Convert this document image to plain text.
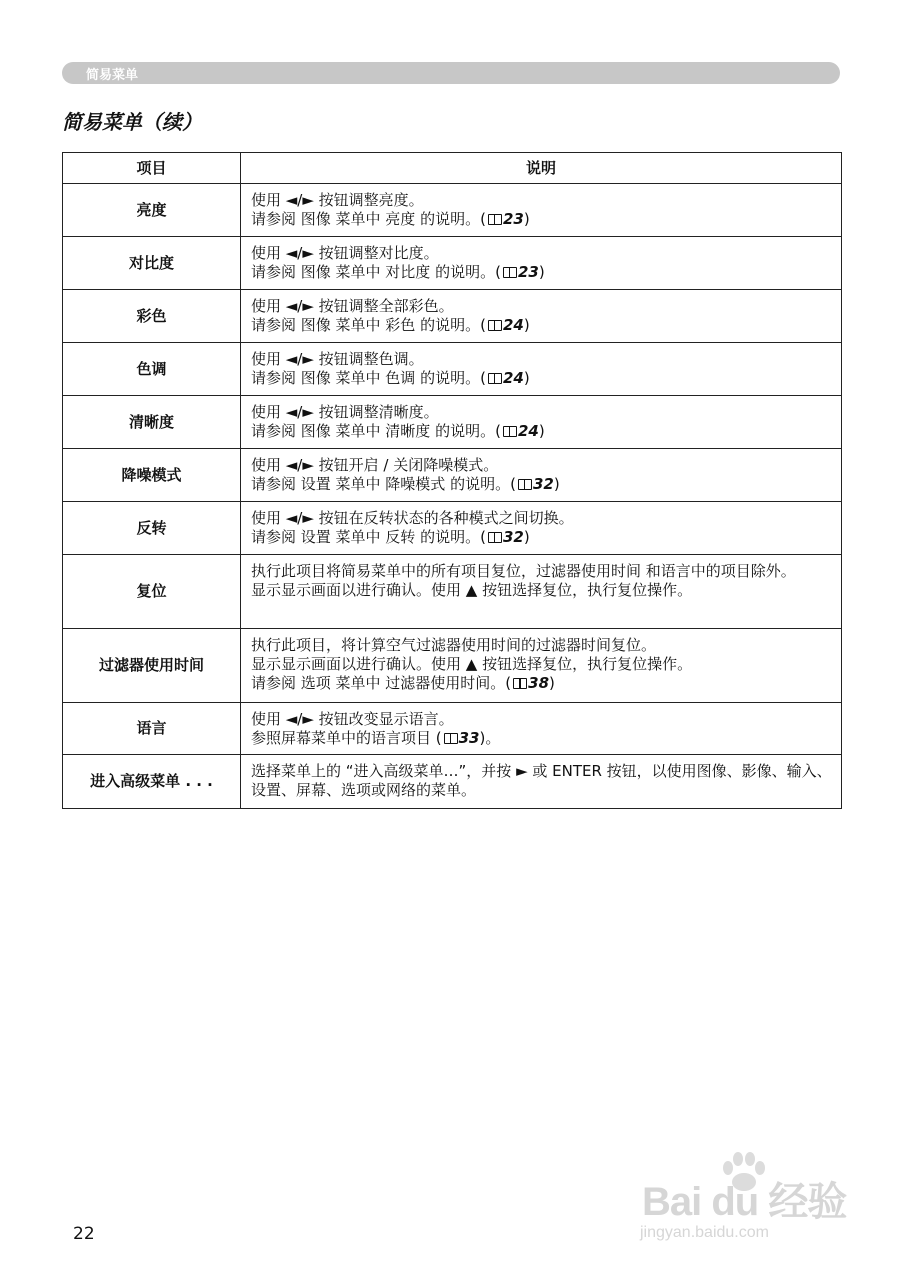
简易菜单
简易菜单（续）
项目	说明
亮度	使用 ◄/► 按钮调整亮度。
请参阅 图像 菜单中 亮度 的说明。( 23)

对比度	使用 ◄/► 按钮调整对比度。
请参阅 图像 菜单中 对比度 的说明。( 23)

彩色	使用 ◄/► 按钮调整全部彩色。
请参阅 图像 菜单中 彩色 的说明。( 24)

色调	使用 ◄/► 按钮调整色调。
请参阅 图像 菜单中 色调 的说明。( 24)

清晰度	使用 ◄/► 按钮调整清晰度。
请参阅 图像 菜单中 清晰度 的说明。( 24)

降噪模式	使用 ◄/► 按钮开启 / 关闭降噪模式。
请参阅 设置 菜单中 降噪模式 的说明。( 32)

反转	使用 ◄/► 按钮在反转状态的各种模式之间切换。
请参阅 设置 菜单中 反转 的说明。( 32)

复位	执行此项目将简易菜单中的所有项目复位，过滤器使用时间 和语言中的项目除外。
显示显示画面以进行确认。使用 ▲ 按钮选择复位，执行复位操作。

过滤器使用时间	执行此项目，将计算空气过滤器使用时间的过滤器时间复位。
显示显示画面以进行确认。使用 ▲ 按钮选择复位，执行复位操作。
请参阅 选项 菜单中 过滤器使用时间。( 38)

语言	使用 ◄/► 按钮改变显示语言。
参照屏幕菜单中的语言项目 ( 33)。

进入高级菜单 . . .	选择菜单上的 “进入高级菜单…”，并按 ► 或 ENTER 按钮，以使用图像、影像、输入、设置、屏幕、选项或网络的菜单。
22
Bai du 经验
jingyan.baidu.com
